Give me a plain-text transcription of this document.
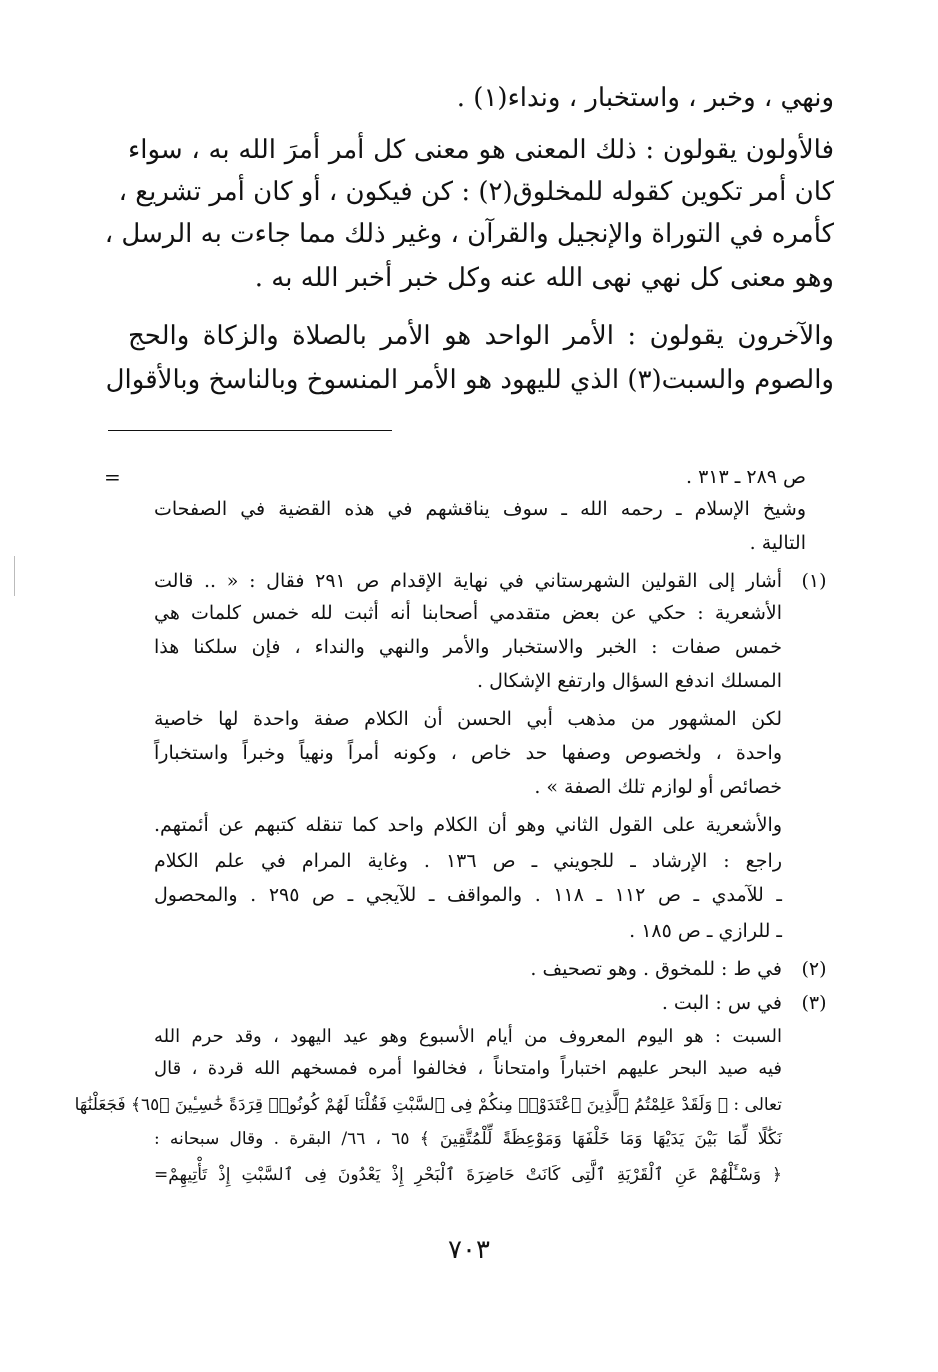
ونهي ، وخبر ، واستخبار ، ونداء(١) .
فالأولون يقولون : ذلك المعنى هو معنى كل أمر أمرَ الله به ، سواء
كان أمر تكوين كقوله للمخلوق(٢) : كن فيكون ، أو كان أمر تشريع ،
كأمره في التوراة والإنجيل والقرآن ، وغير ذلك مما جاءت به الرسل ،
وهو معنى كل نهي نهى الله عنه وكل خبر أخبر الله به .
والآخرون يقولون : الأمر الواحد هو الأمر بالصلاة والزكاة والحج
والصوم والسبت(٣) الذي لليهود هو الأمر المنسوخ وبالناسخ وبالأقوال
=	ص ٢٨٩ ـ ٣١٣ .
وشيخ الإسلام ـ رحمه الله ـ سوف يناقشهم في هذه القضية في الصفحات
التالية .
(١)
أشار إلى القولين الشهرستاني في نهاية الإقدام ص ٢٩١ فقال : « .. قالت
الأشعرية : حكي عن بعض متقدمي أصحابنا أنه أثبت لله خمس كلمات هي
خمس صفات : الخبر والاستخبار والأمر والنهي والنداء ، فإن سلكنا هذا
المسلك اندفع السؤال وارتفع الإشكال .
لكن المشهور من مذهب أبي الحسن أن الكلام صفة واحدة لها خاصية
واحدة ، ولخصوص وصفها حد خاص ، وكونه أمراً ونهياً وخبراً واستخباراً
خصائص أو لوازم تلك الصفة » .
والأشعرية على القول الثاني وهو أن الكلام واحد كما تنقله كتبهم عن أئمتهم.
راجع : الإرشاد ـ للجويني ـ ص ١٣٦ . وغاية المرام في علم الكلام
ـ للآمدي ـ ص ١١٢ ـ ١١٨ . والمواقف ـ للآيجي ـ ص ٢٩٥ . والمحصول
ـ للرازي ـ ص ١٨٥ .
(٢)
في ط : للمخوق . وهو تصحيف .
(٣)
في س : البت .
السبت : هو اليوم المعروف من أيام الأسبوع وهو عيد اليهود ، وقد حرم الله
فيه صيد البحر عليهم اختباراً وامتحاناً ، فخالفوا أمره فمسخهم الله قردة ، قال
تعالى : ﴿ وَلَقَدْ عَلِمْتُمُ ٱلَّذِينَ ٱعْتَدَوْا۟ مِنكُمْ فِى ٱلسَّبْتِ فَقُلْنَا لَهُمْ كُونُوا۟ قِرَدَةً خَٰسِـِٔينَ ﴿٦٥﴾ فَجَعَلْنَٰهَا
نَكَٰلًا لِّمَا بَيْنَ يَدَيْهَا وَمَا خَلْفَهَا وَمَوْعِظَةً لِّلْمُتَّقِينَ ﴾ ٦٥ ، ٦٦/ البقرة . وقال سبحانه :
﴿ وَسْـَٔلْهُمْ عَنِ ٱلْقَرْيَةِ ٱلَّتِى كَانَتْ حَاضِرَةَ ٱلْبَحْرِ إِذْ يَعْدُونَ فِى ٱلسَّبْتِ إِذْ تَأْتِيهِمْ=
٧٠٣
